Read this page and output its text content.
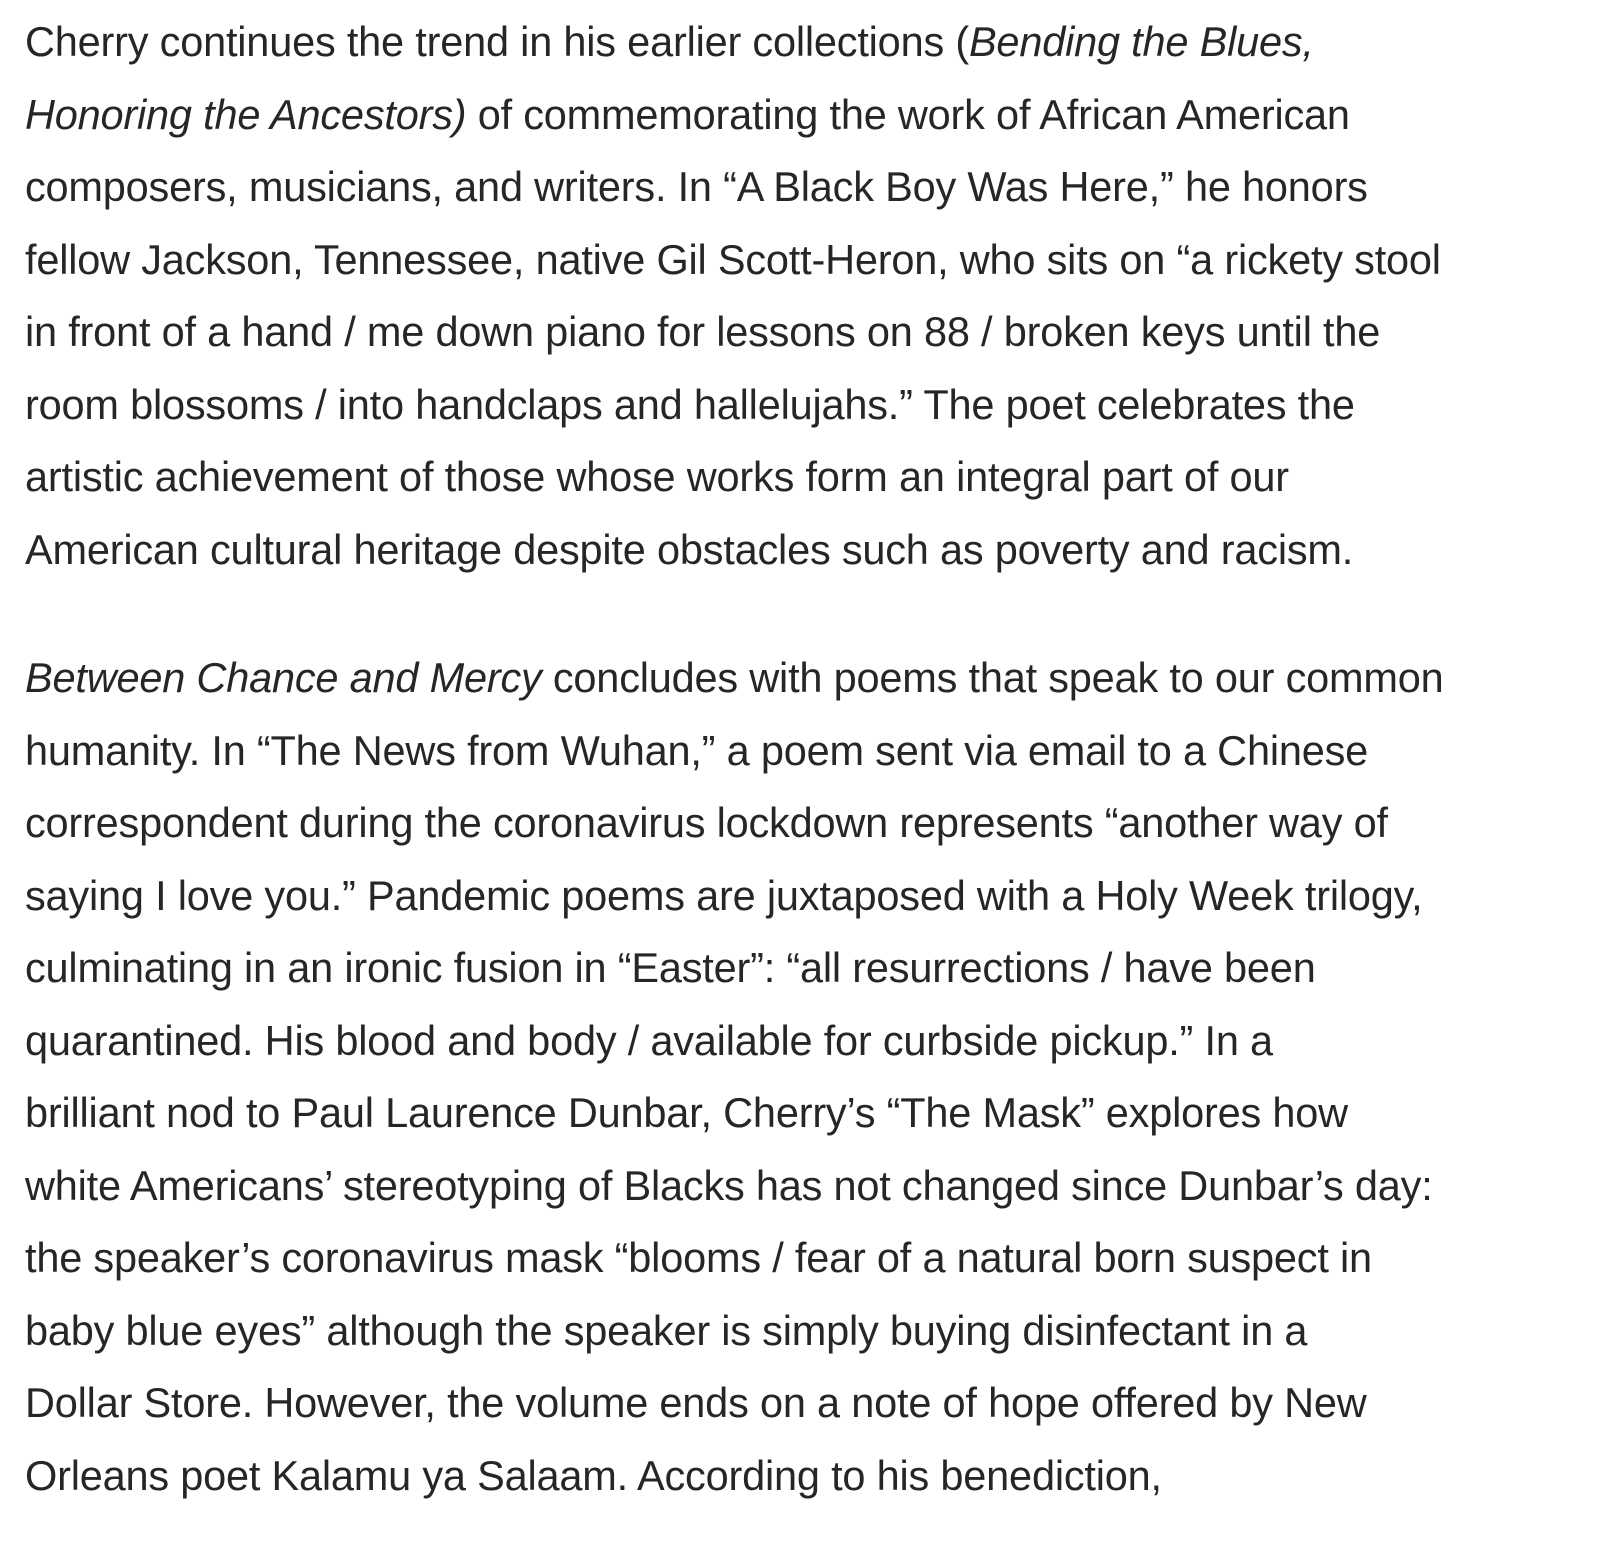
Cherry continues the trend in his earlier collections (Bending the Blues,
Honoring the Ancestors) of commemorating the work of African American
composers, musicians, and writers. In “A Black Boy Was Here,” he honors
fellow Jackson, Tennessee, native Gil Scott-Heron, who sits on “a rickety stool
in front of a hand / me down piano for lessons on 88 / broken keys until the
room blossoms / into handclaps and hallelujahs.” The poet celebrates the
artistic achievement of those whose works form an integral part of our
American cultural heritage despite obstacles such as poverty and racism.

Between Chance and Mercy concludes with poems that speak to our common
humanity. In “The News from Wuhan,” a poem sent via email to a Chinese
correspondent during the coronavirus lockdown represents “another way of
saying I love you.” Pandemic poems are juxtaposed with a Holy Week trilogy,
culminating in an ironic fusion in “Easter”: “all resurrections / have been
quarantined. His blood and body / available for curbside pickup.” In a
brilliant nod to Paul Laurence Dunbar, Cherry’s “The Mask” explores how
white Americans’ stereotyping of Blacks has not changed since Dunbar’s day:
the speaker’s coronavirus mask “blooms / fear of a natural born suspect in
baby blue eyes” although the speaker is simply buying disinfectant in a
Dollar Store. However, the volume ends on a note of hope offered by New
Orleans poet Kalamu ya Salaam. According to his benediction,
